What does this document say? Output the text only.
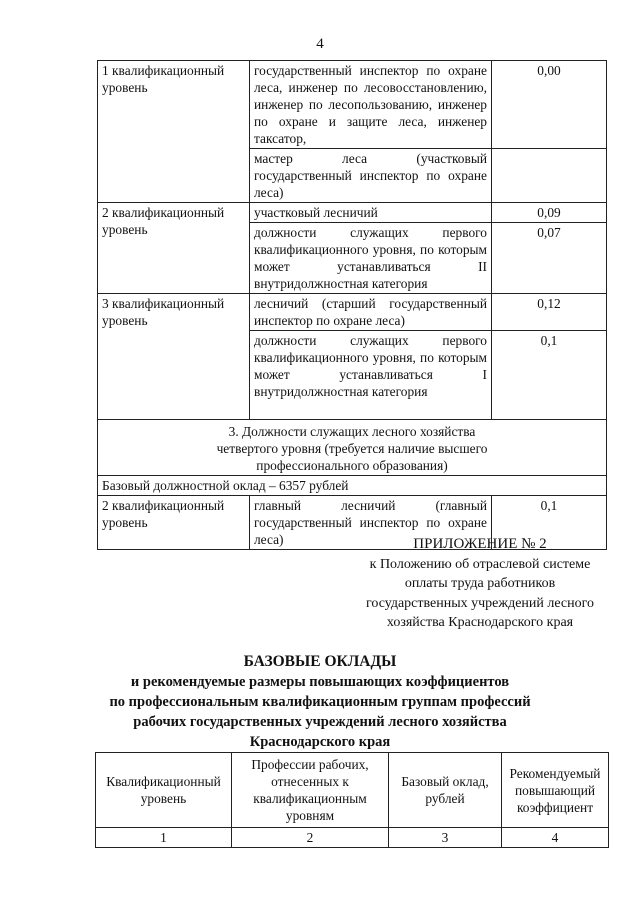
4
1 квалификационный уровень	государственный инспектор по охране леса, инженер по лесовосстановлению, инженер по лесопользованию, инженер по охране и защите леса, инженер таксатор,	0,00
	мастер леса (участковый государственный инспектор по охране леса)	
2 квалификационный уровень	участковый лесничий	0,09
	должности служащих первого квалификационного уровня, по которым может устанавливаться II внутридолжностная категория	0,07
3 квалификационный уровень	лесничий (старший государственный инспектор по охране леса)	0,12
	должности служащих первого квалификационного уровня, по которым может устанавливаться I внутридолжностная категория	0,1

3. Должности служащих лесного хозяйства четвертого уровня (требуется наличие высшего профессионального образования)		

Базовый должностной оклад – 6357 рублей		
2 квалификационный уровень	главный лесничий (главный государственный инспектор по охране леса)	0,1
ПРИЛОЖЕНИЕ № 2
к Положению об отраслевой системе
оплаты труда работников
государственных учреждений лесного
хозяйства Краснодарского края
БАЗОВЫЕ ОКЛАДЫ
и рекомендуемые размеры повышающих коэффициентов
по профессиональным квалификационным группам профессий
рабочих государственных учреждений лесного хозяйства
Краснодарского края
Квалификационный уровень	Профессии рабочих, отнесенных к квалификационным уровням	Базовый оклад, рублей	Рекомендуемый повышающий коэффициент
1	2	3	4
